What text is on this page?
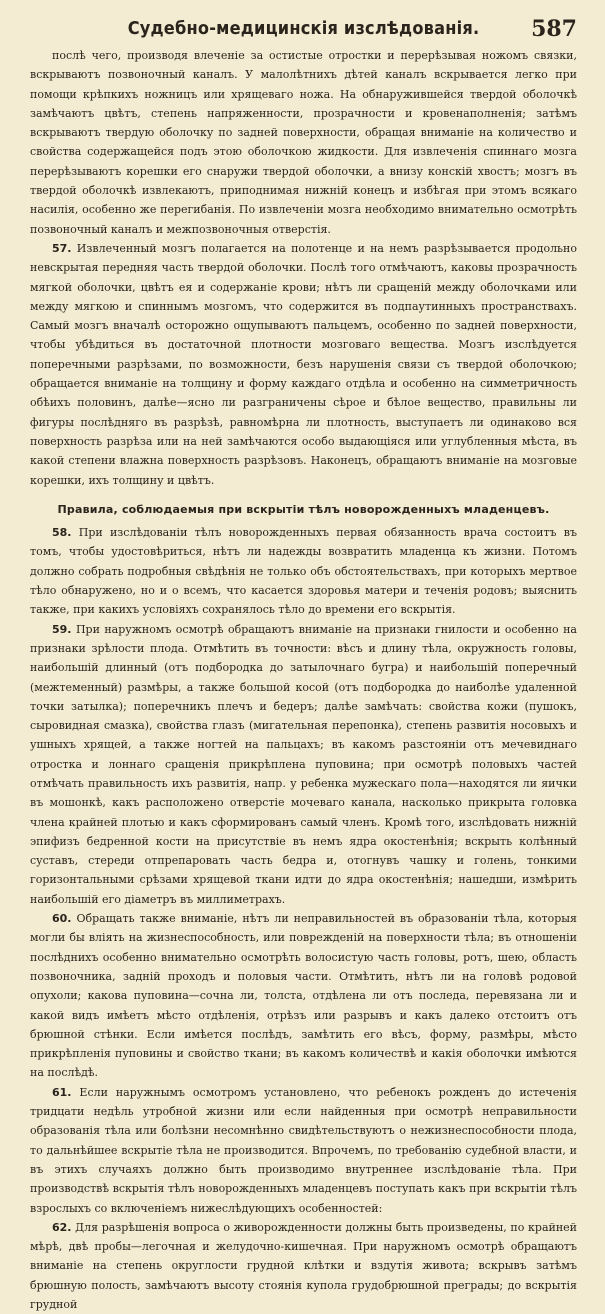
Судебно-медицинскія изслѣдованія.	587

послѣ чего, производя влеченіе за остистые отростки и перерѣзывая ножомъ связки, вскрываютъ позвоночный каналъ. У малолѣтнихъ дѣтей каналъ вскрывается легко при помощи крѣпкихъ ножницъ или хрящеваго ножа. На обнаружившейся твердой оболочкѣ замѣчаютъ цвѣтъ, степень напряженности, прозрачности и кровенаполненія; затѣмъ вскрываютъ твердую оболочку по задней поверхности, обращая вниманіе на количество и свойства содержащейся подъ этою оболочкою жидкости. Для извлеченія спиннаго мозга перерѣзываютъ корешки его снаружи твердой оболочки, а внизу конскій хвостъ; мозгъ въ твердой оболочкѣ извлекаютъ, приподнимая нижній конецъ и избѣгая при этомъ всякаго насилія, особенно же перегибанія. По извлеченіи мозга необходимо внимательно осмотрѣть позвоночный каналъ и межпозвоночныя отверстія.

57. Извлеченный мозгъ полагается на полотенце и на немъ разрѣзывается продольно невскрытая передняя часть твердой оболочки. Послѣ того отмѣчаютъ, каковы прозрачность мягкой оболочки, цвѣтъ ея и содержаніе крови; нѣтъ ли сращеній между оболочками или между мягкою и спиннымъ мозгомъ, что содержится въ подпаутинныхъ пространствахъ. Самый мозгъ вначалѣ осторожно ощупываютъ пальцемъ, особенно по задней поверхности, чтобы убѣдиться въ достаточной плотности мозговаго вещества. Мозгъ изслѣдуется поперечными разрѣзами, по возможности, безъ нарушенія связи съ твердой оболочкою; обращается вниманіе на толщину и форму каждаго отдѣла и особенно на симметричность обѣихъ половинъ, далѣе—ясно ли разграничены сѣрое и бѣлое вещество, правильны ли фигуры послѣдняго въ разрѣзѣ, равномѣрна ли плотность, выступаетъ ли одинаково вся поверхность разрѣза или на ней замѣчаются особо выдающіяся или углубленныя мѣста, въ какой степени влажна поверхность разрѣзовъ. Наконецъ, обращаютъ вниманіе на мозговые корешки, ихъ толщину и цвѣтъ.

Правила, соблюдаемыя при вскрытіи тѣлъ новорожденныхъ младенцевъ.

58. При изслѣдованіи тѣлъ новорожденныхъ первая обязанность врача состоитъ въ томъ, чтобы удостовѣриться, нѣтъ ли надежды возвратить младенца къ жизни. Потомъ должно собрать подробныя свѣдѣнія не только объ обстоятельствахъ, при которыхъ мертвое тѣло обнаружено, но и о всемъ, что касается здоровья матери и теченія родовъ; выяснить также, при какихъ условіяхъ сохранялось тѣло до времени его вскрытія.

59. При наружномъ осмотрѣ обращаютъ вниманіе на признаки гнилости и особенно на признаки зрѣлости плода. Отмѣтить въ точности: вѣсъ и длину тѣла, окружность головы, наибольшій длинный (отъ подбородка до затылочнаго бугра) и наибольшій поперечный (межтеменный) размѣры, а также большой косой (отъ подбородка до наиболѣе удаленной точки затылка); поперечникъ плечъ и бедеръ; далѣе замѣчать: свойства кожи (пушокъ, сыровидная смазка), свойства глазъ (мигательная перепонка), степень развитія носовыхъ и ушныхъ хрящей, а также ногтей на пальцахъ; въ какомъ разстояніи отъ мечевиднаго отростка и лоннаго сращенія прикрѣплена пуповина; при осмотрѣ половыхъ частей отмѣчать правильность ихъ развитія, напр. у ребенка мужескаго пола—находятся ли яички въ мошонкѣ, какъ расположено отверстіе мочеваго канала, насколько прикрыта головка члена крайней плотью и какъ сформированъ самый членъ. Кромѣ того, изслѣдовать нижній эпифизъ бедренной кости на присутствіе въ немъ ядра окостенѣнія; вскрыть колѣнный суставъ, стереди отпрепаровать часть бедра и, отогнувъ чашку и голень, тонкими горизонтальными срѣзами хрящевой ткани идти до ядра окостенѣнія; нашедши, измѣрить наибольшій его діаметръ въ миллиметрахъ.

60. Обращать также вниманіе, нѣтъ ли неправильностей въ образованіи тѣла, которыя могли бы вліять на жизнеспособность, или поврежденій на поверхности тѣла; въ отношеніи послѣднихъ особенно внимательно осмотрѣть волосистую часть головы, ротъ, шею, область позвоночника, задній проходъ и половыя части. Отмѣтить, нѣтъ ли на головѣ родовой опухоли; какова пуповина—сочна ли, толста, отдѣлена ли отъ последа, перевязана ли и какой видъ имѣетъ мѣсто отдѣленія, отрѣзъ или разрывъ и какъ далеко отстоитъ отъ брюшной стѣнки. Если имѣется послѣдъ, замѣтить его вѣсъ, форму, размѣры, мѣсто прикрѣпленія пуповины и свойство ткани; въ какомъ количествѣ и какія оболочки имѣются на послѣдѣ.

61. Если наружнымъ осмотромъ установлено, что ребенокъ рожденъ до истеченія тридцати недѣль утробной жизни или если найденныя при осмотрѣ неправильности образованія тѣла или болѣзни несомнѣнно свидѣтельствуютъ о нежизнеспособности плода, то дальнѣйшее вскрытіе тѣла не производится. Впрочемъ, по требованію судебной власти, и въ этихъ случаяхъ должно быть производимо внутреннее изслѣдованіе тѣла. При производствѣ вскрытія тѣлъ новорожденныхъ младенцевъ поступать какъ при вскрытіи тѣлъ взрослыхъ со включеніемъ нижеслѣдующихъ особенностей:

62. Для разрѣшенія вопроса о живорожденности должны быть произведены, по крайней мѣрѣ, двѣ пробы—легочная и желудочно-кишечная. При наружномъ осмотрѣ обращаютъ вниманіе на степень округлости грудной клѣтки и вздутія живота; вскрывъ затѣмъ брюшную полость, замѣчаютъ высоту стоянія купола грудобрюшной преграды; до вскрытія грудной
